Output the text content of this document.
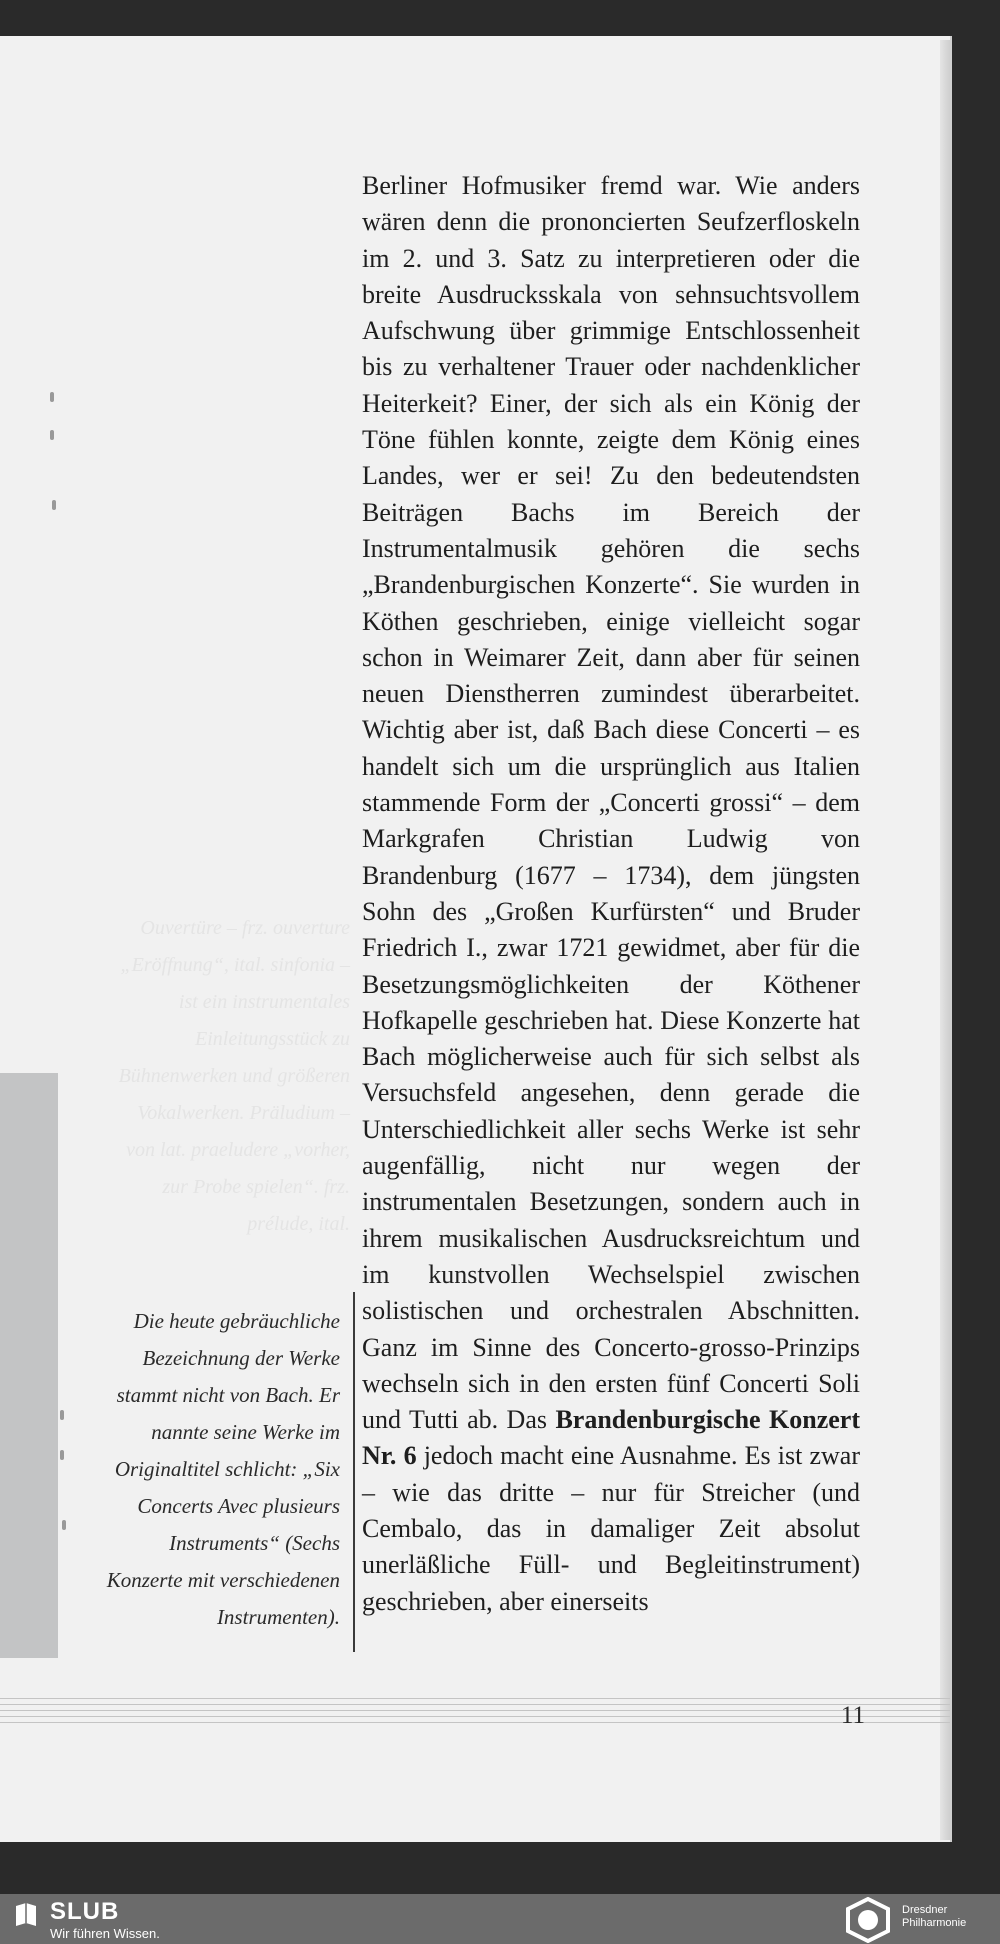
Ouvertüre – frz. ouverture „Eröffnung“, ital. sinfonia – ist ein instrumentales Einleitungsstück zu Bühnenwerken und größeren Vokalwerken. Präludium – von lat. praeludere „vorher, zur Probe spielen“. frz. prélude, ital.

Berliner Hofmusiker fremd war. Wie anders wären denn die prononcierten Seufzerfloskeln im 2. und 3. Satz zu interpretieren oder die breite Ausdrucksskala von sehnsuchtsvollem Aufschwung über grimmige Entschlossenheit bis zu verhaltener Trauer oder nachdenklicher Heiterkeit? Einer, der sich als ein König der Töne fühlen konnte, zeigte dem König eines Landes, wer er sei! Zu den bedeutendsten Beiträgen Bachs im Bereich der Instrumentalmusik gehören die sechs „Brandenburgischen Konzerte“. Sie wurden in Köthen geschrieben, einige vielleicht sogar schon in Weimarer Zeit, dann aber für seinen neuen Dienstherren zumindest überarbeitet. Wichtig aber ist, daß Bach diese Concerti – es handelt sich um die ursprünglich aus Italien stammende Form der „Concerti grossi“ – dem Markgrafen Christian Ludwig von Brandenburg (1677 – 1734), dem jüngsten Sohn des „Großen Kurfürsten“ und Bruder Friedrich I., zwar 1721 gewidmet, aber für die Besetzungsmöglichkeiten der Köthener Hofkapelle geschrieben hat. Diese Konzerte hat Bach möglicherweise auch für sich selbst als Versuchsfeld angesehen, denn gerade die Unterschiedlichkeit aller sechs Werke ist sehr augenfällig, nicht nur wegen der instrumentalen Besetzungen, sondern auch in ihrem musikalischen Ausdrucksreichtum und im kunstvollen Wechselspiel zwischen solistischen und orchestralen Abschnitten. Ganz im Sinne des Concerto-grosso-Prinzips wechseln sich in den ersten fünf Concerti Soli und Tutti ab. Das Brandenburgische Konzert Nr. 6 jedoch macht eine Ausnahme. Es ist zwar – wie das dritte – nur für Streicher (und Cembalo, das in damaliger Zeit absolut unerläßliche Füll- und Begleitinstrument) geschrieben, aber einerseits

Die heute gebräuchliche Bezeichnung der Werke stammt nicht von Bach. Er nannte seine Werke im Originaltitel schlicht: „Six Concerts Avec plusieurs Instruments“ (Sechs Konzerte mit verschiedenen Instrumenten).
11
SLUB
Wir führen Wissen.
Dresdner
Philharmonie
